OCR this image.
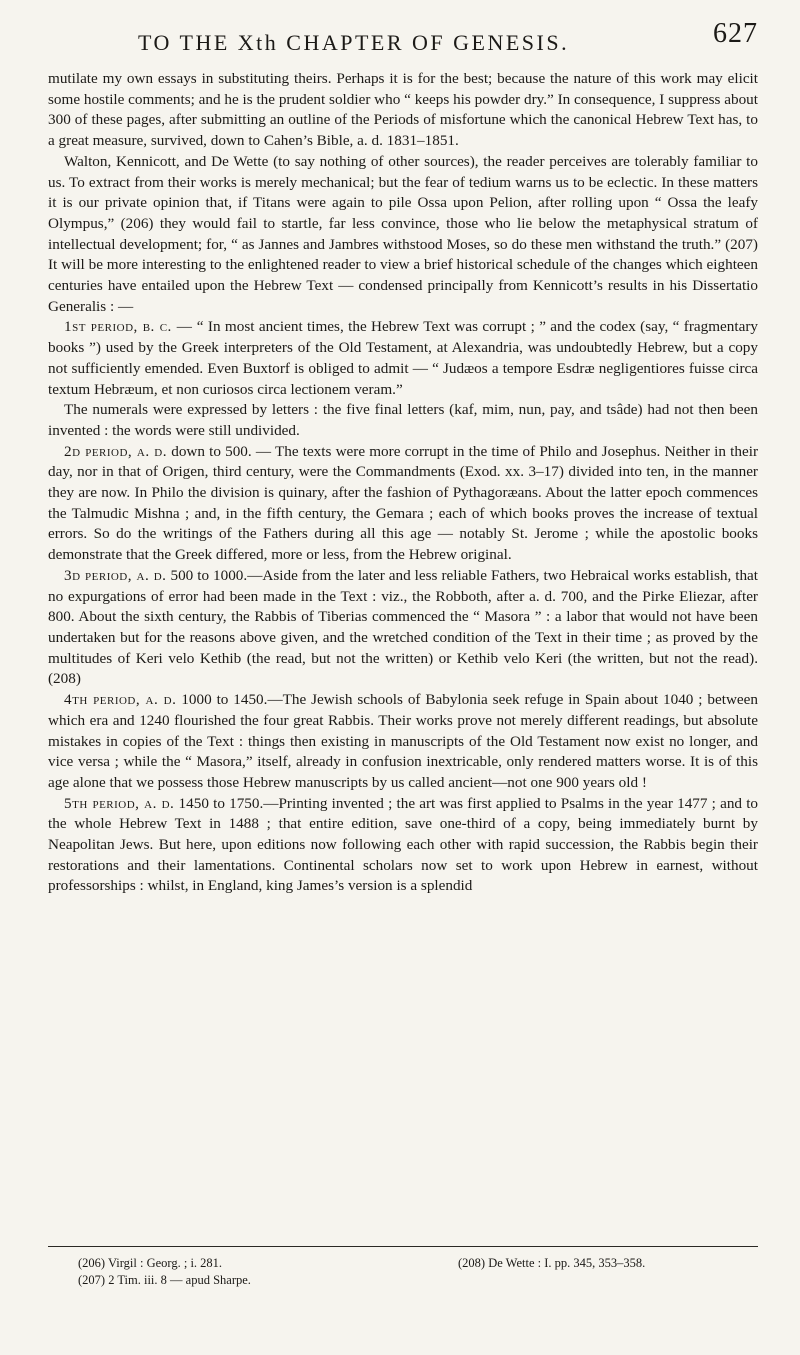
TO THE Xth CHAPTER OF GENESIS.	627

mutilate my own essays in substituting theirs. Perhaps it is for the best; because the nature of this work may elicit some hostile comments; and he is the prudent soldier who “ keeps his powder dry.” In consequence, I suppress about 300 of these pages, after submitting an outline of the Periods of misfortune which the canonical Hebrew Text has, to a great measure, survived, down to Cahen’s Bible, a. d. 1831–1851.

Walton, Kennicott, and De Wette (to say nothing of other sources), the reader perceives are tolerably familiar to us. To extract from their works is merely mechanical; but the fear of tedium warns us to be eclectic. In these matters it is our private opinion that, if Titans were again to pile Ossa upon Pelion, after rolling upon “ Ossa the leafy Olympus,” (206) they would fail to startle, far less convince, those who lie below the metaphysical stratum of intellectual development; for, “ as Jannes and Jambres withstood Moses, so do these men withstand the truth.” (207) It will be more interesting to the enlightened reader to view a brief historical schedule of the changes which eighteen centuries have entailed upon the Hebrew Text — condensed principally from Kennicott’s results in his Dissertatio Generalis : —

1st period, b. c. — “ In most ancient times, the Hebrew Text was corrupt ; ” and the codex (say, “ fragmentary books ”) used by the Greek interpreters of the Old Testament, at Alexandria, was undoubtedly Hebrew, but a copy not sufficiently emended. Even Buxtorf is obliged to admit — “ Judæos a tempore Esdræ negligentiores fuisse circa textum Hebræum, et non curiosos circa lectionem veram.”

The numerals were expressed by letters : the five final letters (kaf, mim, nun, pay, and tsâde) had not then been invented : the words were still undivided.

2d period, a. d. down to 500. — The texts were more corrupt in the time of Philo and Josephus. Neither in their day, nor in that of Origen, third century, were the Commandments (Exod. xx. 3–17) divided into ten, in the manner they are now. In Philo the division is quinary, after the fashion of Pythagoræans. About the latter epoch commences the Talmudic Mishna ; and, in the fifth century, the Gemara ; each of which books proves the increase of textual errors. So do the writings of the Fathers during all this age — notably St. Jerome ; while the apostolic books demonstrate that the Greek differed, more or less, from the Hebrew original.

3d period, a. d. 500 to 1000.—Aside from the later and less reliable Fathers, two Hebraical works establish, that no expurgations of error had been made in the Text : viz., the Robboth, after a. d. 700, and the Pirke Eliezar, after 800. About the sixth century, the Rabbis of Tiberias commenced the “ Masora ” : a labor that would not have been undertaken but for the reasons above given, and the wretched condition of the Text in their time ; as proved by the multitudes of Keri velo Kethib (the read, but not the written) or Kethib velo Keri (the written, but not the read). (208)

4th period, a. d. 1000 to 1450.—The Jewish schools of Babylonia seek refuge in Spain about 1040 ; between which era and 1240 flourished the four great Rabbis. Their works prove not merely different readings, but absolute mistakes in copies of the Text : things then existing in manuscripts of the Old Testament now exist no longer, and vice versa ; while the “ Masora,” itself, already in confusion inextricable, only rendered matters worse. It is of this age alone that we possess those Hebrew manuscripts by us called ancient—not one 900 years old !

5th period, a. d. 1450 to 1750.—Printing invented ; the art was first applied to Psalms in the year 1477 ; and to the whole Hebrew Text in 1488 ; that entire edition, save one-third of a copy, being immediately burnt by Neapolitan Jews. But here, upon editions now following each other with rapid succession, the Rabbis begin their restorations and their lamentations. Continental scholars now set to work upon Hebrew in earnest, without professorships : whilst, in England, king James’s version is a splendid

(206) Virgil : Georg. ; i. 281.
(207) 2 Tim. iii. 8 — apud Sharpe.
(208) De Wette : I. pp. 345, 353–358.
